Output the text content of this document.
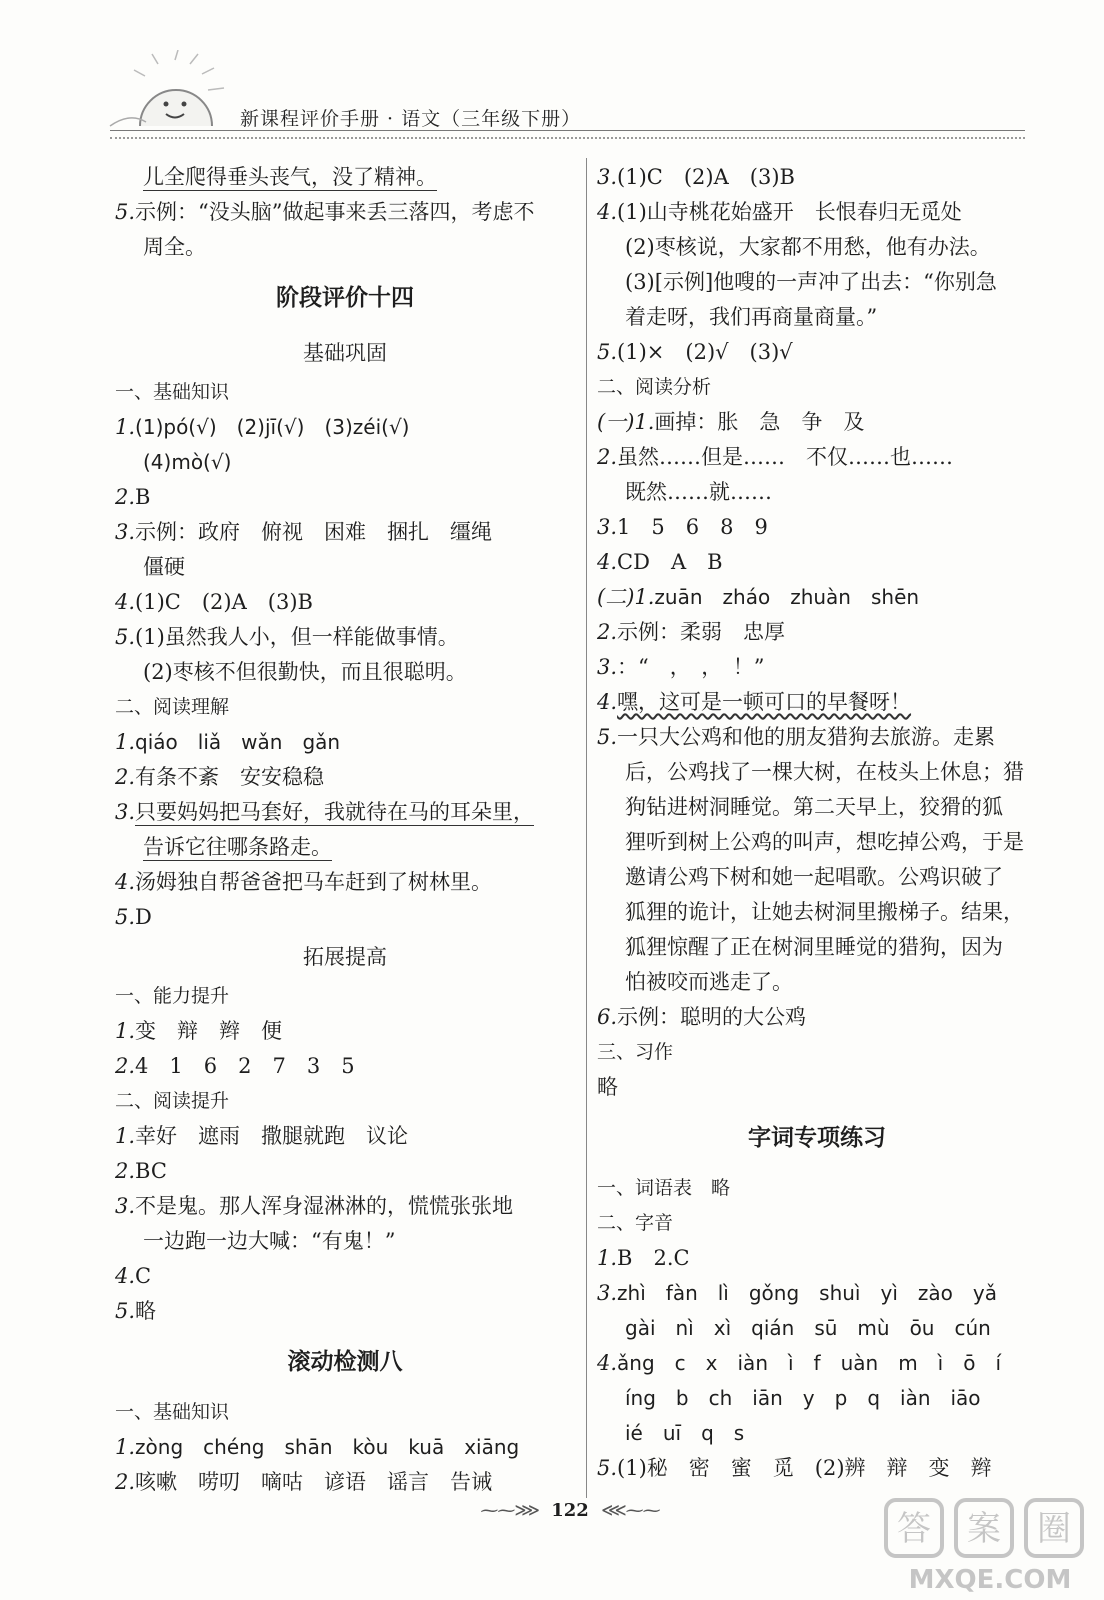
新课程评价手册 · 语文（三年级下册）
儿全爬得垂头丧气，没了精神。
5.示例：“没头脑”做起事来丢三落四，考虑不
周全。
阶段评价十四
基础巩固
一、基础知识
1.(1)pó(√)　(2)jī(√)　(3)zéi(√)
(4)mò(√)
2.B
3.示例：政府　俯视　困难　捆扎　缰绳
僵硬
4.(1)C　(2)A　(3)B
5.(1)虽然我人小，但一样能做事情。
(2)枣核不但很勤快，而且很聪明。
二、阅读理解
1.qiáo　liǎ　wǎn　gǎn
2.有条不紊　安安稳稳
3.只要妈妈把马套好，我就待在马的耳朵里，
告诉它往哪条路走。
4.汤姆独自帮爸爸把马车赶到了树林里。
5.D
拓展提高
一、能力提升
1.变　辩　辫　便
2.4　1　6　2　7　3　5
二、阅读提升
1.幸好　遮雨　撒腿就跑　议论
2.BC
3.不是鬼。那人浑身湿淋淋的，慌慌张张地
一边跑一边大喊：“有鬼！”
4.C
5.略
滚动检测八
一、基础知识
1.zòng　chéng　shān　kòu　kuā　xiāng
2.咳嗽　唠叨　嘀咕　谚语　谣言　告诫
3.(1)C　(2)A　(3)B
4.(1)山寺桃花始盛开　长恨春归无觅处
(2)枣核说，大家都不用愁，他有办法。
(3)[示例]他嗖的一声冲了出去：“你别急
着走呀，我们再商量商量。”
5.(1)×　(2)√　(3)√
二、阅读分析
(一)1.画掉：胀　急　争　及
2.虽然……但是……　不仅……也……
既然……就……
3.1　5　6　8　9
4.CD　A　B
(二)1.zuān　zháo　zhuàn　shēn
2.示例：柔弱　忠厚
3.：“　，　，　！”
4.嘿，这可是一顿可口的早餐呀！
5.一只大公鸡和他的朋友猎狗去旅游。走累
后，公鸡找了一棵大树，在枝头上休息；猎
狗钻进树洞睡觉。第二天早上，狡猾的狐
狸听到树上公鸡的叫声，想吃掉公鸡，于是
邀请公鸡下树和她一起唱歌。公鸡识破了
狐狸的诡计，让她去树洞里搬梯子。结果，
狐狸惊醒了正在树洞里睡觉的猎狗，因为
怕被咬而逃走了。
6.示例：聪明的大公鸡
三、习作
略
字词专项练习
一、词语表　略
二、字音
1.B　2.C
3.zhì　fàn　lì　gǒng　shuì　yì　zào　yǎ
gài　nì　xì　qián　sū　mù　ōu　cún
4.ǎng　c　x　iàn　ì　f　uàn　m　ì　ō　í
íng　b　ch　iān　y　p　q　iàn　iāo
ié　uī　q　s
5.(1)秘　密　蜜　觅　(2)辨　辩　变　辫
⁓⁓⋙ 122 ⋘⁓⁓	答 案 圈
MXQE.COM
